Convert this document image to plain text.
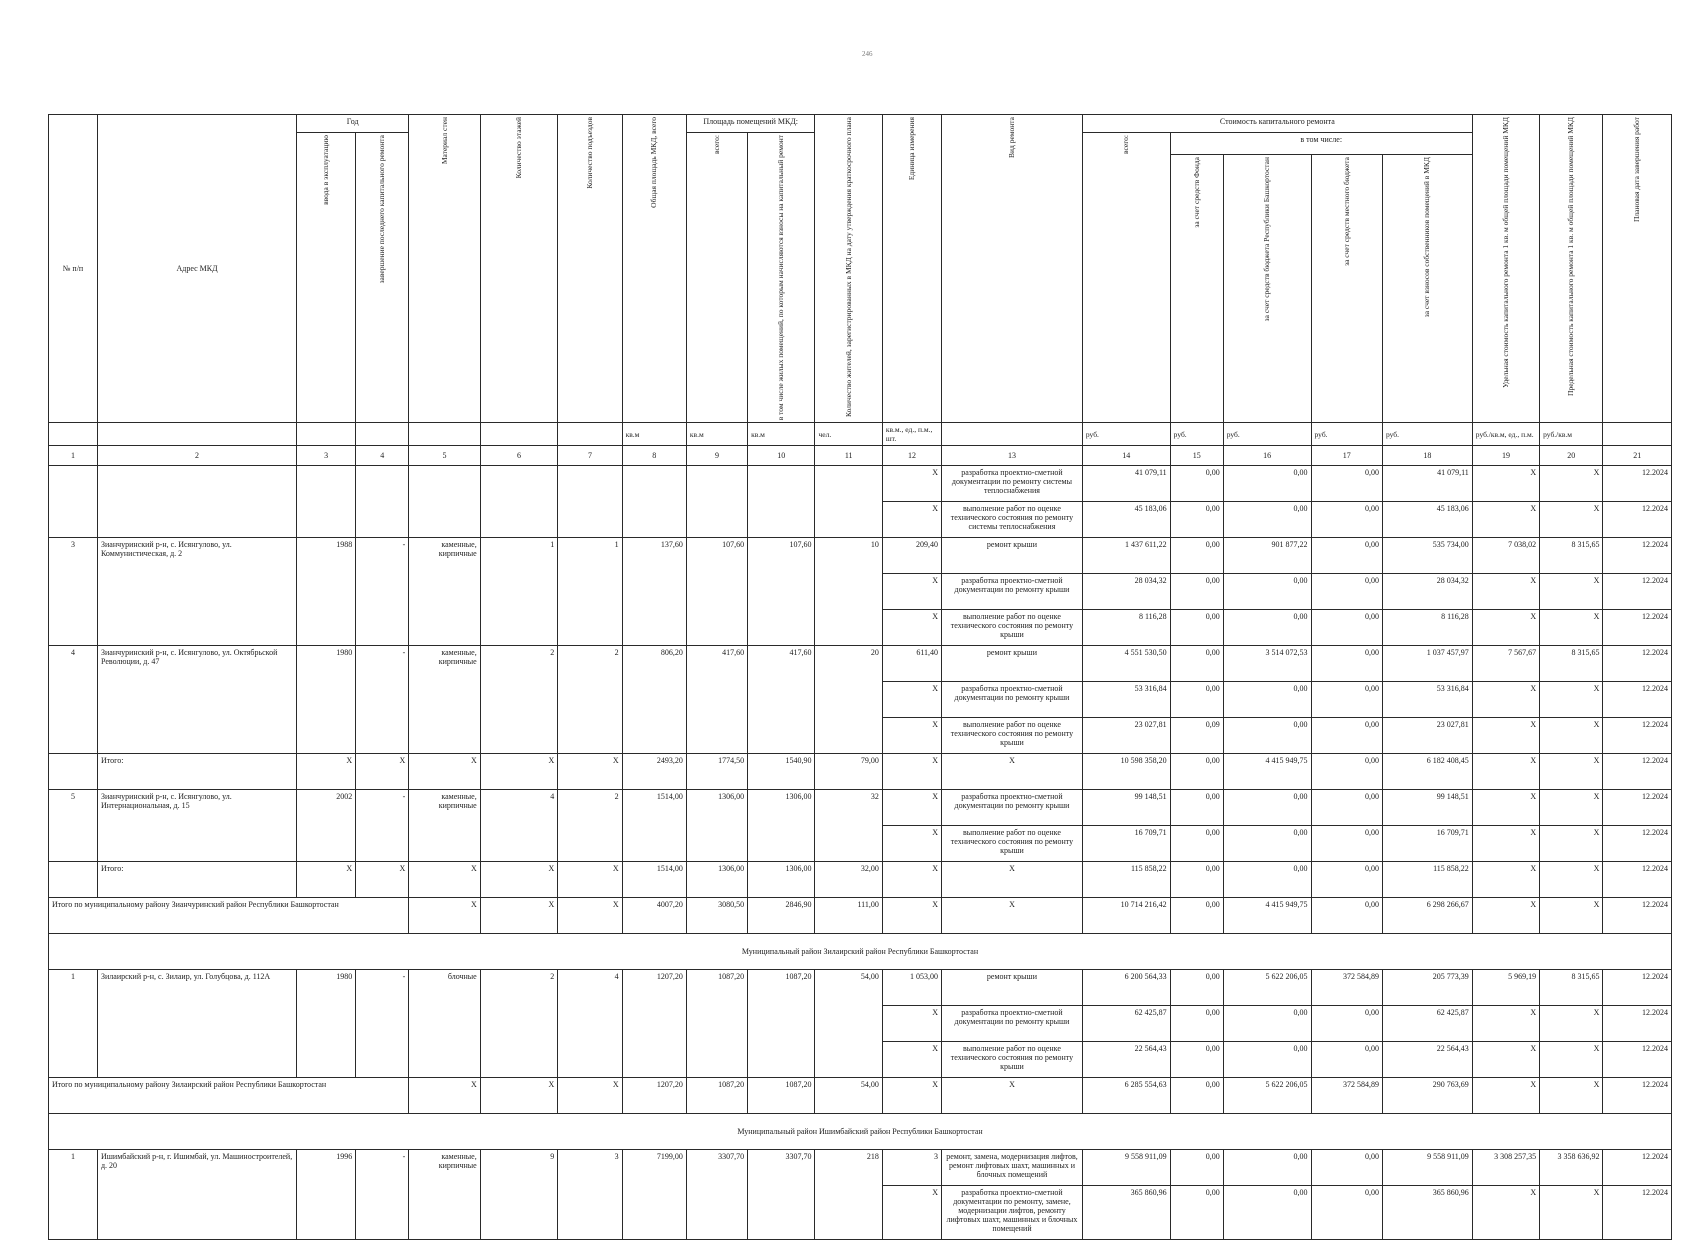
246
№ п/п	Адрес МКД	Год		Материал стен	Количество этажей	Количество подъездов	Общая площадь МКД, всего	Площадь помещений МКД:		Количество жителей, зарегистрированных в МКД на дату утверждения краткосрочного плана	Единица измерения	Вид ремонта	Стоимость капитального ремонта					Удельная стоимость капитального ремонта 1 кв. м общей площади помещений МКД	Предельная стоимость капитального ремонта 1 кв. м общей площади помещений МКД	Плановая дата завершения работ

		ввода в эксплуатацию	завершение последнего капитального ремонта					всего:	в том числе жилых помещений, по которым начисляются взносы на капитальный ремонт				всего:	в том числе:						

														за счет средств Фонда	за счет средств бюджета Республики Башкортостан	за счет средств местного бюджета	за счет взносов собственников помещений в МКД			

							кв.м	кв.м	кв.м	чел.	кв.м., ед., п.м., шт.		руб.	руб.	руб.	руб.	руб.	руб./кв.м, ед., п.м.	руб./кв.м	
1	2	3	4	5	6	7	8	9	10	11	12	13	14	15	16	17	18	19	20	21
											X	разработка проектно-сметной документации по ремонту системы теплоснабжения	41 079,11	0,00	0,00	0,00	41 079,11	X	X	12.2024
											X	выполнение работ по оценке технического состояния по ремонту системы теплоснабжения	45 183,06	0,00	0,00	0,00	45 183,06	X	X	12.2024
3	Зианчуринский р-н, с. Исянгулово, ул. Коммунистическая, д. 2	1988	-	каменные, кирпичные	1	1	137,60	107,60	107,60	10	209,40	ремонт крыши	1 437 611,22	0,00	901 877,22	0,00	535 734,00	7 038,02	8 315,65	12.2024
											X	разработка проектно-сметной документации по ремонту крыши	28 034,32	0,00	0,00	0,00	28 034,32	X	X	12.2024
											X	выполнение работ по оценке технического состояния по ремонту крыши	8 116,28	0,00	0,00	0,00	8 116,28	X	X	12.2024
4	Зианчуринский р-н, с. Исянгулово, ул. Октябрьской Революции, д. 47	1980	-	каменные, кирпичные	2	2	806,20	417,60	417,60	20	611,40	ремонт крыши	4 551 530,50	0,00	3 514 072,53	0,00	1 037 457,97	7 567,67	8 315,65	12.2024
											X	разработка проектно-сметной документации по ремонту крыши	53 316,84	0,00	0,00	0,00	53 316,84	X	X	12.2024
											X	выполнение работ по оценке технического состояния по ремонту крыши	23 027,81	0,09	0,00	0,00	23 027,81	X	X	12.2024
	Итого:	X	X	X	X	X	2493,20	1774,50	1540,90	79,00	X	X	10 598 358,20	0,00	4 415 949,75	0,00	6 182 408,45	X	X	12.2024
5	Зианчуринский р-н, с. Исянгулово, ул. Интернациональная, д. 15	2002	-	каменные, кирпичные	4	2	1514,00	1306,00	1306,00	32	X	разработка проектно-сметной документации по ремонту крыши	99 148,51	0,00	0,00	0,00	99 148,51	X	X	12.2024
											X	выполнение работ по оценке технического состояния по ремонту крыши	16 709,71	0,00	0,00	0,00	16 709,71	X	X	12.2024
	Итого:	X	X	X	X	X	1514,00	1306,00	1306,00	32,00	X	X	115 858,22	0,00	0,00	0,00	115 858,22	X	X	12.2024
Итого по муниципальному району Зианчуринский район Республики Башкортостан				X	X	X	4007,20	3080,50	2846,90	111,00	X	X	10 714 216,42	0,00	4 415 949,75	0,00	6 298 266,67	X	X	12.2024
Муниципальный район Зилаирский район Республики Башкортостан																				
1	Зилаирский р-н, с. Зилаир, ул. Голубцова, д. 112А	1980	-	блочные	2	4	1207,20	1087,20	1087,20	54,00	1 053,00	ремонт крыши	6 200 564,33	0,00	5 622 206,05	372 584,89	205 773,39	5 969,19	8 315,65	12.2024
											X	разработка проектно-сметной документации по ремонту крыши	62 425,87	0,00	0,00	0,00	62 425,87	X	X	12.2024
											X	выполнение работ по оценке технического состояния по ремонту крыши	22 564,43	0,00	0,00	0,00	22 564,43	X	X	12.2024
Итого по муниципальному району Зилаирский район Республики Башкортостан				X	X	X	1207,20	1087,20	1087,20	54,00	X	X	6 285 554,63	0,00	5 622 206,05	372 584,89	290 763,69	X	X	12.2024
Муниципальный район Ишимбайский район Республики Башкортостан																				
1	Ишимбайский р-н, г. Ишимбай, ул. Машиностроителей, д. 20	1996	-	каменные, кирпичные	9	3	7199,00	3307,70	3307,70	218	3	ремонт, замена, модернизация лифтов, ремонт лифтовых шахт, машинных и блочных помещений	9 558 911,09	0,00	0,00	0,00	9 558 911,09	3 308 257,35	3 358 636,92	12.2024
											X	разработка проектно-сметной документации по ремонту, замене, модернизации лифтов, ремонту лифтовых шахт, машинных и блочных помещений	365 860,96	0,00	0,00	0,00	365 860,96	X	X	12.2024
